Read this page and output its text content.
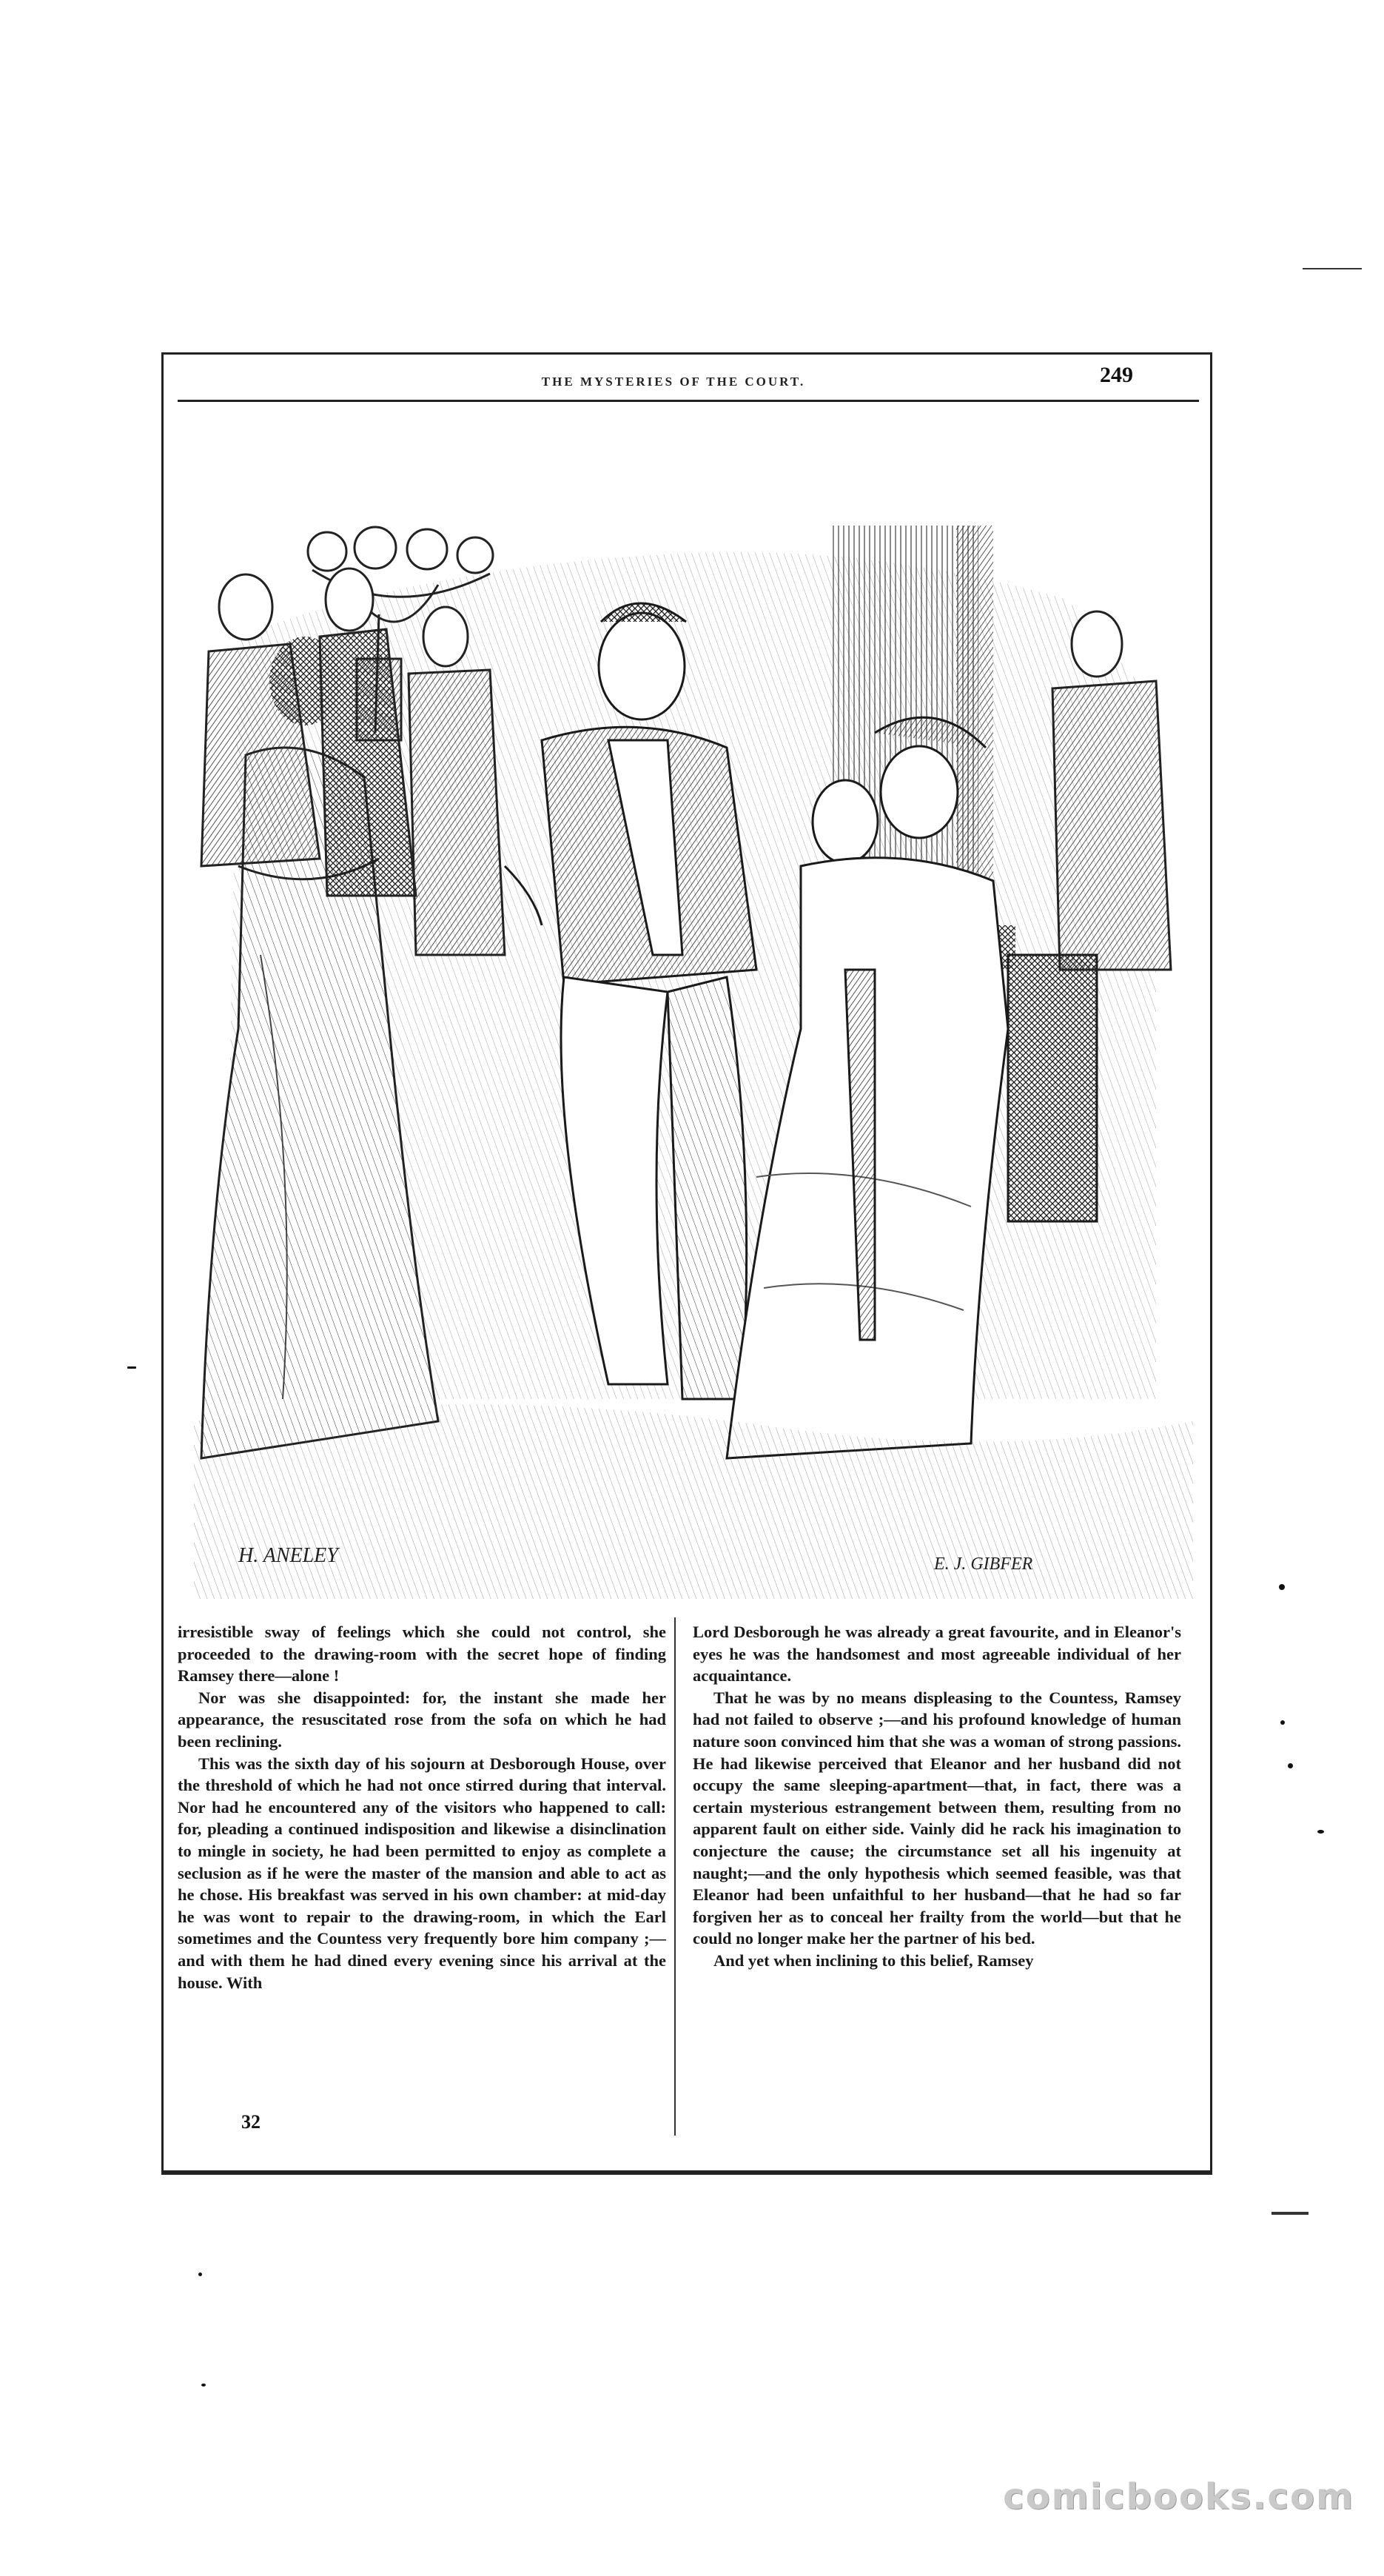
THE MYSTERIES OF THE COURT.	249
H. ANELEY	E. J. GIBFER

irresistible sway of feelings which she could not control, she proceeded to the drawing-room with the secret hope of finding Ramsey there—alone !

Nor was she disappointed: for, the instant she made her appearance, the resuscitated rose from the sofa on which he had been reclining.

This was the sixth day of his sojourn at Desborough House, over the threshold of which he had not once stirred during that interval. Nor had he encountered any of the visitors who happened to call: for, pleading a continued indisposition and likewise a disinclination to mingle in society, he had been permitted to enjoy as complete a seclusion as if he were the master of the mansion and able to act as he chose. His breakfast was served in his own chamber: at mid-day he was wont to repair to the drawing-room, in which the Earl sometimes and the Countess very frequently bore him company ;—and with them he had dined every evening since his arrival at the house. With

Lord Desborough he was already a great favourite, and in Eleanor's eyes he was the handsomest and most agreeable individual of her acquaintance.

That he was by no means displeasing to the Countess, Ramsey had not failed to observe ;—and his profound knowledge of human nature soon convinced him that she was a woman of strong passions. He had likewise perceived that Eleanor and her husband did not occupy the same sleeping-apartment—that, in fact, there was a certain mysterious estrangement between them, resulting from no apparent fault on either side. Vainly did he rack his imagination to conjecture the cause; the circumstance set all his ingenuity at naught;—and the only hypothesis which seemed feasible, was that Eleanor had been unfaithful to her husband—that he had so far forgiven her as to conceal her frailty from the world—but that he could no longer make her the partner of his bed.

And yet when inclining to this belief, Ramsey

32
comicbooks.com
